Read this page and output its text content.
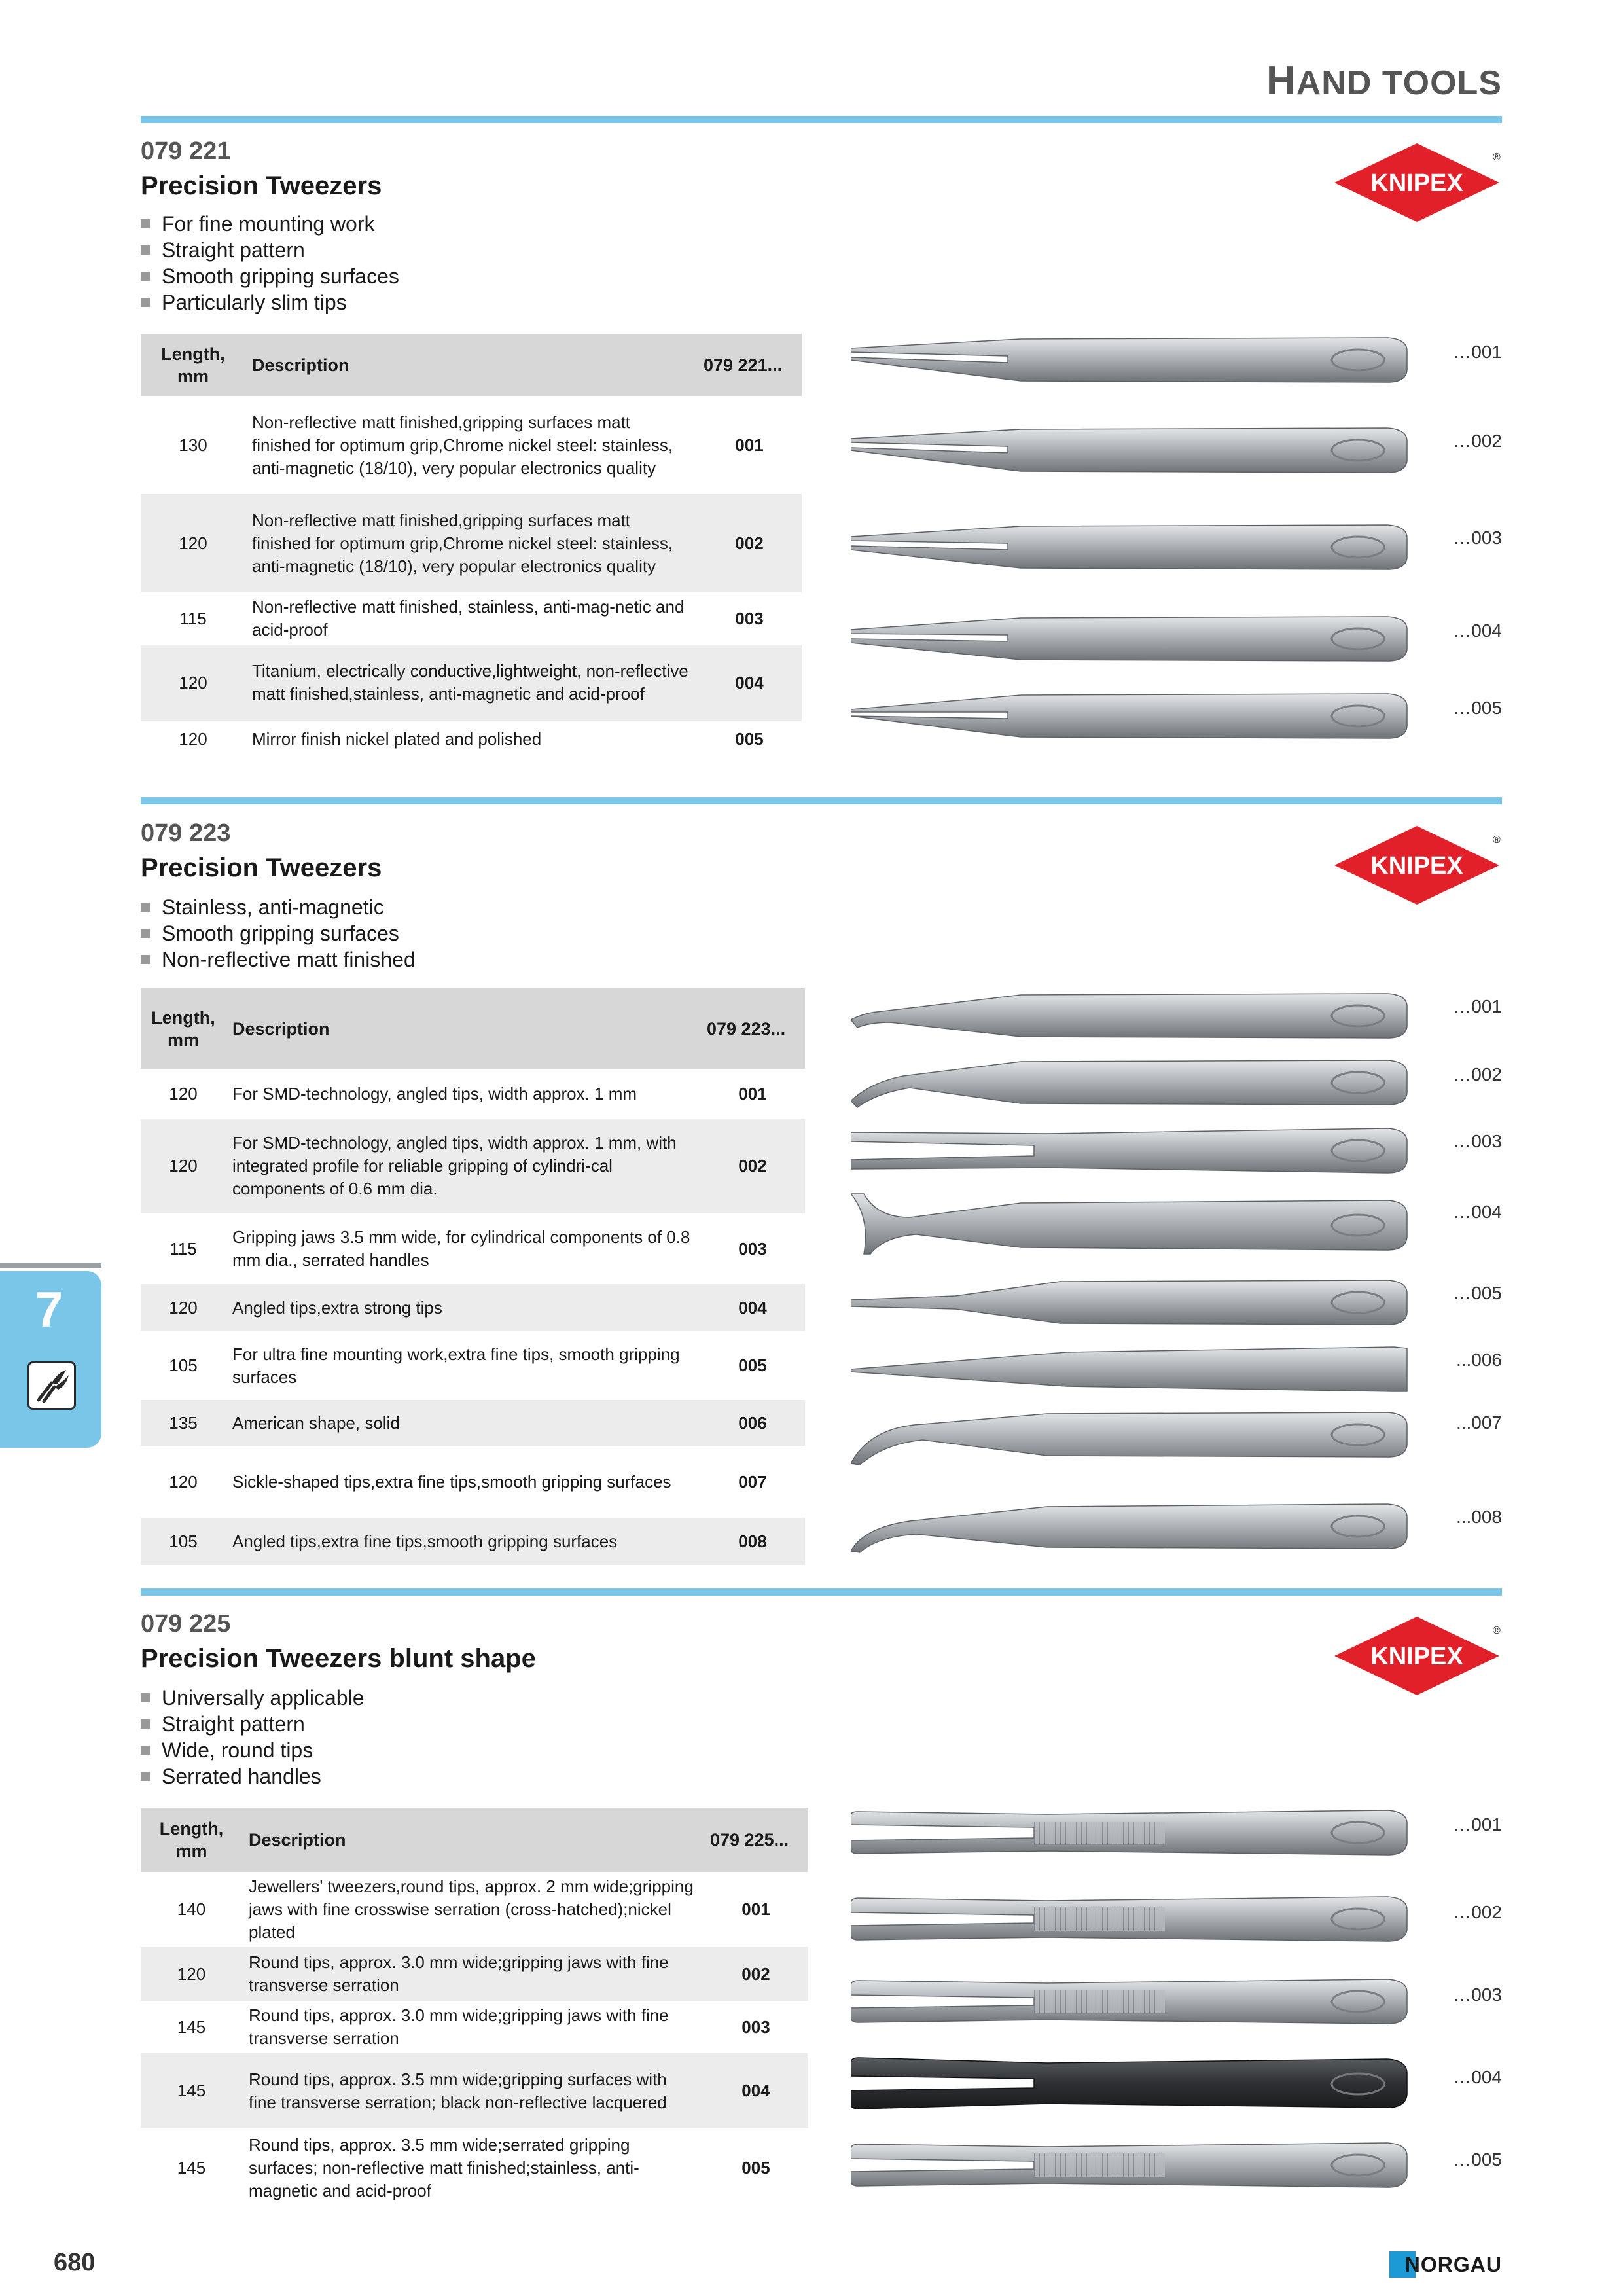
HAND TOOLS
079 221
Precision Tweezers	KNIPEX
®
For fine mounting work
Straight pattern
Smooth gripping surfaces
Particularly slim tips
Length, mm	Description	079 221...
130	Non-reflective matt finished,gripping surfaces matt finished for optimum grip,Chrome nickel steel: stainless, anti-magnetic (18/10), very popular electronics quality	001
120	Non-reflective matt finished,gripping surfaces matt finished for optimum grip,Chrome nickel steel: stainless, anti-magnetic (18/10), very popular electronics quality	002
115	Non-reflective matt finished, stainless, anti-mag-netic and acid-proof	003
120	Titanium, electrically conductive,lightweight, non-reflective matt finished,stainless, anti-magnetic and acid-proof	004
120	Mirror finish nickel plated and polished	005
…001
…002
…003
…004
…005
079 223
Precision Tweezers	KNIPEX
®
Stainless, anti-magnetic
Smooth gripping surfaces
Non-reflective matt finished
Length, mm	Description	079 223...
120	For SMD-technology, angled tips, width approx. 1 mm	001
120	For SMD-technology, angled tips, width approx. 1 mm, with integrated profile for reliable gripping of cylindri-cal components of 0.6 mm dia.	002
115	Gripping jaws 3.5 mm wide, for cylindrical components of 0.8 mm dia., serrated handles	003
120	Angled tips,extra strong tips	004
105	For ultra fine mounting work,extra fine tips, smooth gripping surfaces	005
135	American shape, solid	006
120	Sickle-shaped tips,extra fine tips,smooth gripping surfaces	007
105	Angled tips,extra fine tips,smooth gripping surfaces	008
…001
…002
…003
…004
…005
...006
...007
...008
079 225
Precision Tweezers blunt shape	KNIPEX
®
Universally applicable
Straight pattern
Wide, round tips
Serrated handles
Length, mm	Description	079 225...
140	Jewellers' tweezers,round tips, approx. 2 mm wide;gripping jaws with fine crosswise serration (cross-hatched);nickel plated	001
120	Round tips, approx. 3.0 mm wide;gripping jaws with fine transverse serration	002
145	Round tips, approx. 3.0 mm wide;gripping jaws with fine transverse serration	003
145	Round tips, approx. 3.5 mm wide;gripping surfaces with fine transverse serration; black non-reflective lacquered	004
145	Round tips, approx. 3.5 mm wide;serrated gripping surfaces; non-reflective matt finished;stainless, anti-magnetic and acid-proof	005
…001
…002
…003
…004
…005
7
680	NORGAU
